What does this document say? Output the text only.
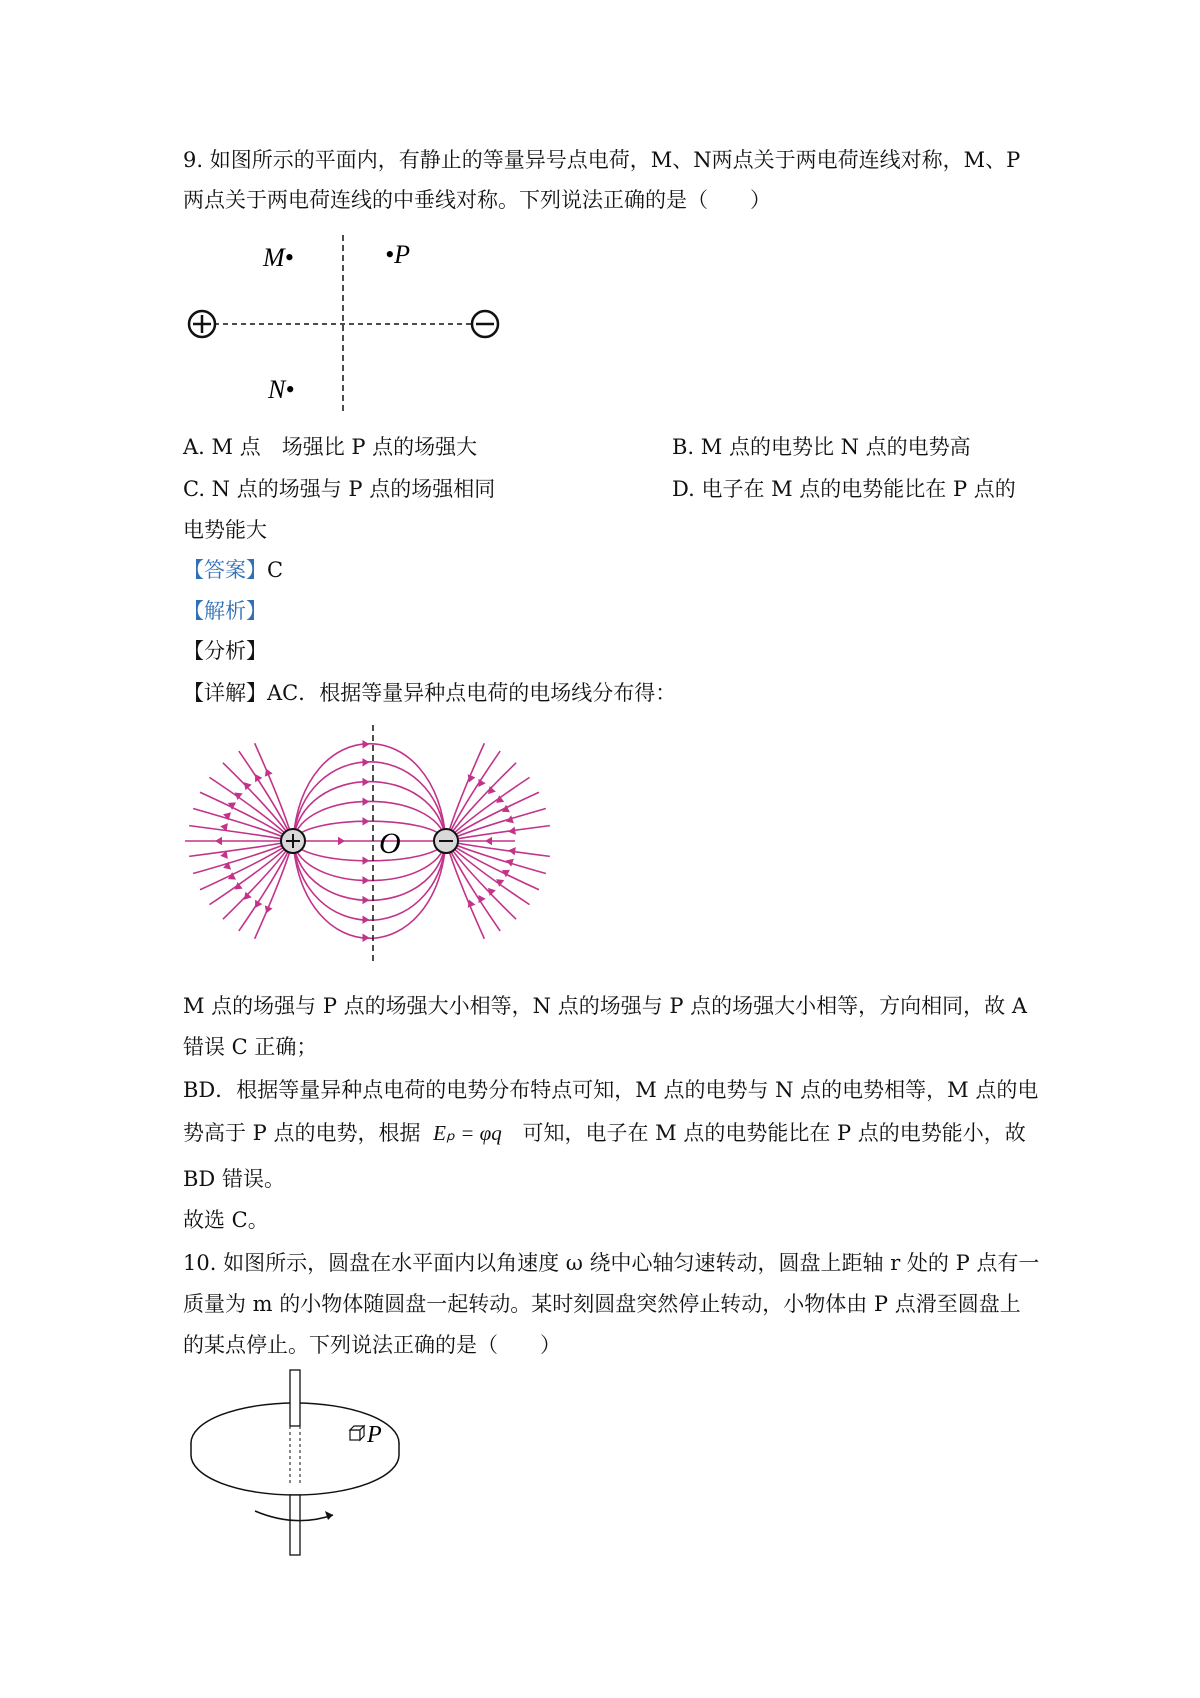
9. 如图所示的平面内，有静止的等量异号点电荷，M、N两点关于两电荷连线对称，M、P
两点关于两电荷连线的中垂线对称。下列说法正确的是（　　）
M•	•P
N•
A. M 点　场强比 P 点的场强大	B. M 点的电势比 N 点的电势高
C. N 点的场强与 P 点的场强相同	D. 电子在 M 点的电势能比在 P 点的
电势能大
【答案】C
【解析】
【分析】
【详解】AC．根据等量异种点电荷的电场线分布得：
O
M 点的场强与 P 点的场强大小相等，N 点的场强与 P 点的场强大小相等，方向相同，故 A
错误 C 正确；
BD．根据等量异种点电荷的电势分布特点可知，M 点的电势与 N 点的电势相等，M 点的电
势高于 P 点的电势，根据 Eₚ = φq 可知，电子在 M 点的电势能比在 P 点的电势能小，故
BD 错误。
故选 C。
10. 如图所示，圆盘在水平面内以角速度 ω 绕中心轴匀速转动，圆盘上距轴 r 处的 P 点有一
质量为 m 的小物体随圆盘一起转动。某时刻圆盘突然停止转动，小物体由 P 点滑至圆盘上
的某点停止。下列说法正确的是（　　）
P
